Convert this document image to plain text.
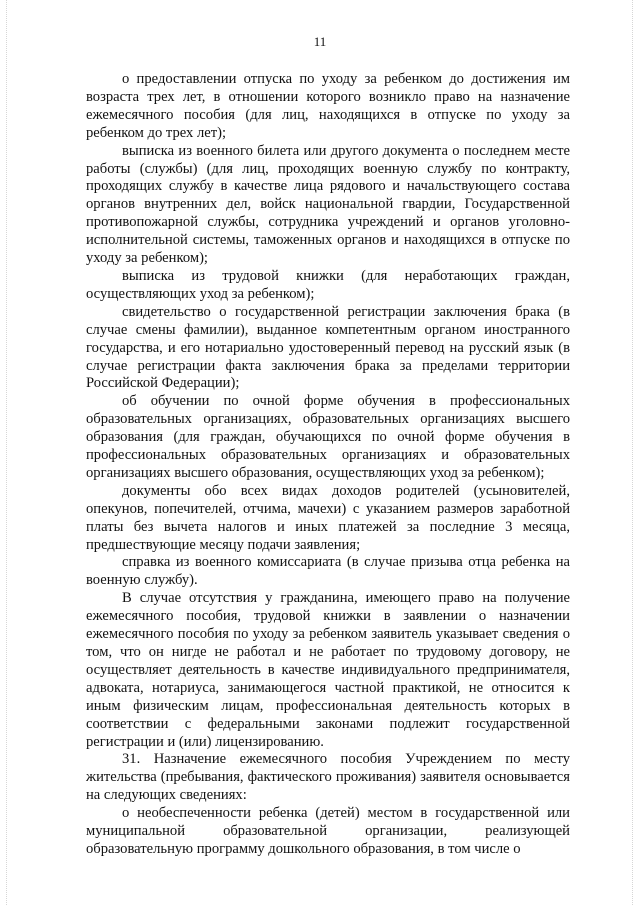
11

о предоставлении отпуска по уходу за ребенком до достижения им возраста трех лет, в отношении которого возникло право на назначение ежемесячного пособия (для лиц, находящихся в отпуске по уходу за ребенком до трех лет);

выписка из военного билета или другого документа о последнем месте работы (службы) (для лиц, проходящих военную службу по контракту, проходящих службу в качестве лица рядового и начальствующего состава органов внутренних дел, войск национальной гвардии, Государственной противопожарной службы, сотрудника учреждений и органов уголовно-исполнительной системы, таможенных органов и находящихся в отпуске по уходу за ребенком);

выписка из трудовой книжки (для неработающих граждан, осуществляющих уход за ребенком);

свидетельство о государственной регистрации заключения брака (в случае смены фамилии), выданное компетентным органом иностранного государства, и его нотариально удостоверенный перевод на русский язык (в случае регистрации факта заключения брака за пределами территории Российской Федерации);

об обучении по очной форме обучения в профессиональных образовательных организациях, образовательных организациях высшего образования (для граждан, обучающихся по очной форме обучения в профессиональных образовательных организациях и образовательных организациях высшего образования, осуществляющих уход за ребенком);

документы обо всех видах доходов родителей (усыновителей, опекунов, попечителей, отчима, мачехи) с указанием размеров заработной платы без вычета налогов и иных платежей за последние 3 месяца, предшествующие месяцу подачи заявления;

справка из военного комиссариата (в случае призыва отца ребенка на военную службу).

В случае отсутствия у гражданина, имеющего право на получение ежемесячного пособия, трудовой книжки в заявлении о назначении ежемесячного пособия по уходу за ребенком заявитель указывает сведения о том, что он нигде не работал и не работает по трудовому договору, не осуществляет деятельность в качестве индивидуального предпринимателя, адвоката, нотариуса, занимающегося частной практикой, не относится к иным физическим лицам, профессиональная деятельность которых в соответствии с федеральными законами подлежит государственной регистрации и (или) лицензированию.

31. Назначение ежемесячного пособия Учреждением по месту жительства (пребывания, фактического проживания) заявителя основывается на следующих сведениях:

о необеспеченности ребенка (детей) местом в государственной или муниципальной образовательной организации, реализующей образовательную программу дошкольного образования, в том числе о
